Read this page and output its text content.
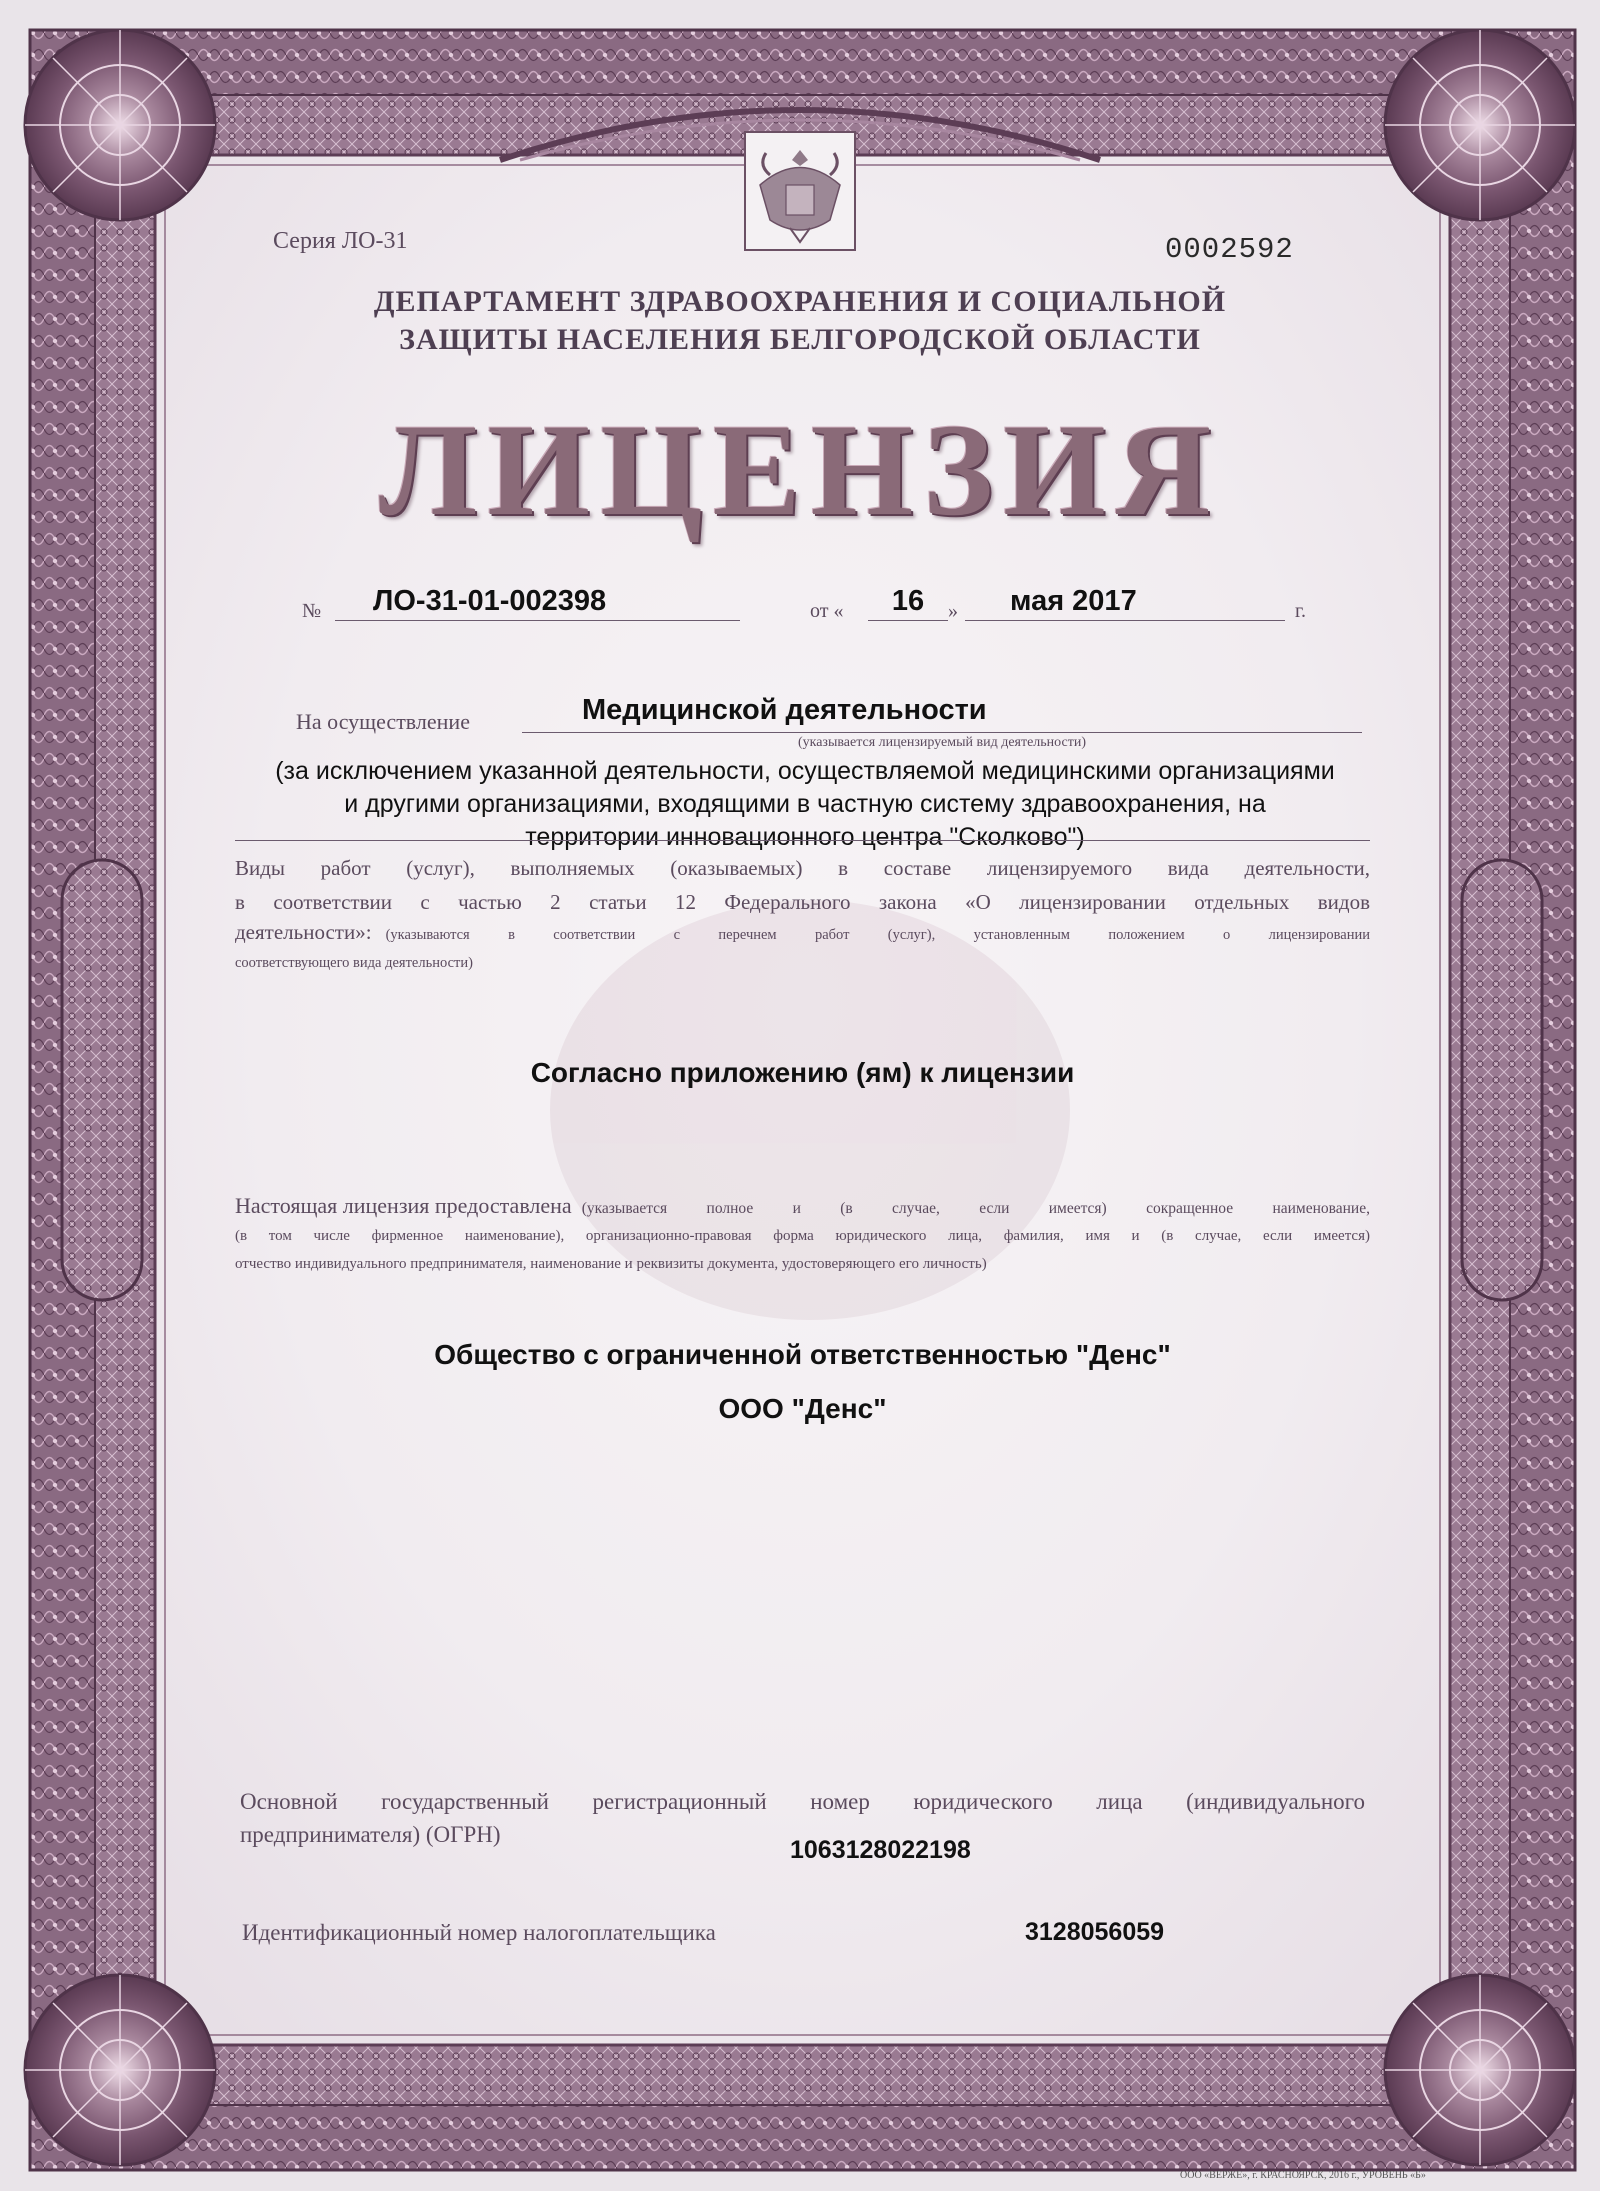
Серия ЛО-31	0002592
ДЕПАРТАМЕНТ ЗДРАВООХРАНЕНИЯ И СОЦИАЛЬНОЙ
ЗАЩИТЫ НАСЕЛЕНИЯ БЕЛГОРОДСКОЙ ОБЛАСТИ
ЛИЦЕНЗИЯ
№ ЛО-31-01-002398	от «	16	» мая 2017	г.
На осуществление	Медицинской деятельности
(указывается лицензируемый вид деятельности)
(за исключением указанной деятельности, осуществляемой медицинскими организациями
и другими организациями, входящими в частную систему здравоохранения, на
территории инновационного центра "Сколково")
Виды работ (услуг), выполняемых (оказываемых) в составе лицензируемого вида деятельности,
в соответствии с частью 2 статьи 12 Федерального закона «О лицензировании отдельных видов
деятельности»: (указываются в соответствии с перечнем работ (услуг), установленным положением о лицензировании
соответствующего вида деятельности)
Согласно приложению (ям) к лицензии
Настоящая лицензия предоставлена (указывается полное и (в случае, если имеется) сокращенное наименование,
(в том числе фирменное наименование), организационно-правовая форма юридического лица, фамилия, имя и (в случае, если имеется)
отчество индивидуального предпринимателя, наименование и реквизиты документа, удостоверяющего его личность)
Общество с ограниченной ответственностью "Денс"
ООО "Денс"
Основной государственный регистрационный номер юридического лица (индивидуального
предпринимателя) (ОГРН)
1063128022198
Идентификационный номер налогоплательщика	3128056059
ООО «ВЕРЖЕ», г. КРАСНОЯРСК, 2016 г., УРОВЕНЬ «Б»
